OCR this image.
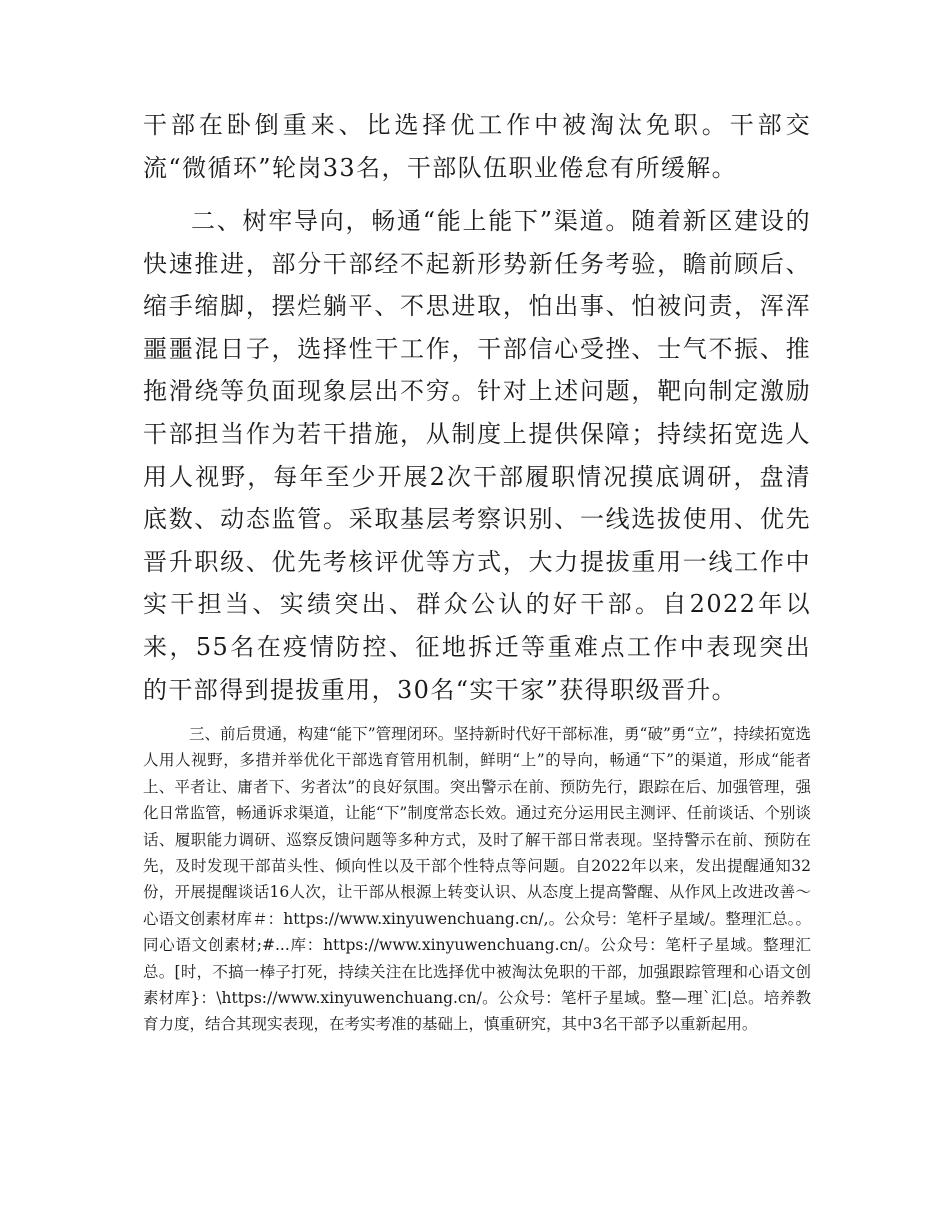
干部在卧倒重来、比选择优工作中被淘汰免职。干部交流“微循环”轮岗33名，干部队伍职业倦怠有所缓解。

二、树牢导向，畅通“能上能下”渠道。随着新区建设的快速推进，部分干部经不起新形势新任务考验，瞻前顾后、缩手缩脚，摆烂躺平、不思进取，怕出事、怕被问责，浑浑噩噩混日子，选择性干工作，干部信心受挫、士气不振、推拖滑绕等负面现象层出不穷。针对上述问题，靶向制定激励干部担当作为若干措施，从制度上提供保障；持续拓宽选人用人视野，每年至少开展2次干部履职情况摸底调研，盘清底数、动态监管。采取基层考察识别、一线选拔使用、优先晋升职级、优先考核评优等方式，大力提拔重用一线工作中实干担当、实绩突出、群众公认的好干部。自2022年以来，55名在疫情防控、征地拆迁等重难点工作中表现突出的干部得到提拔重用，30名“实干家”获得职级晋升。

三、前后贯通，构建“能下”管理闭环。坚持新时代好干部标准，勇“破”勇“立”，持续拓宽选人用人视野，多措并举优化干部选育管用机制，鲜明“上”的导向，畅通“下”的渠道，形成“能者上、平者让、庸者下、劣者汰”的良好氛围。突出警示在前、预防先行，跟踪在后、加强管理，强化日常监管，畅通诉求渠道，让能“下”制度常态长效。通过充分运用民主测评、任前谈话、个别谈话、履职能力调研、巡察反馈问题等多种方式，及时了解干部日常表现。坚持警示在前、预防在先，及时发现干部苗头性、倾向性以及干部个性特点等问题。自2022年以来，发出提醒通知32份，开展提醒谈话16人次，让干部从根源上转变认识、从态度上提高警醒、从作风上改进改善～心语文创素材库＃：https://www.xinyuwenchuang.cn/,。公众号：笔杆子星域/。整理汇总。。同心语文创素材;#...库：https://www.xinyuwenchuang.cn/。公众号：笔杆子星域。整理汇总。[时，不搞一棒子打死，持续关注在比选择优中被淘汰免职的干部，加强跟踪管理和心语文创素材库}：\https://www.xinyuwenchuang.cn/。公众号：笔杆子星域。整—理`汇|总。培养教育力度，结合其现实表现，在考实考准的基础上，慎重研究，其中3名干部予以重新起用。
